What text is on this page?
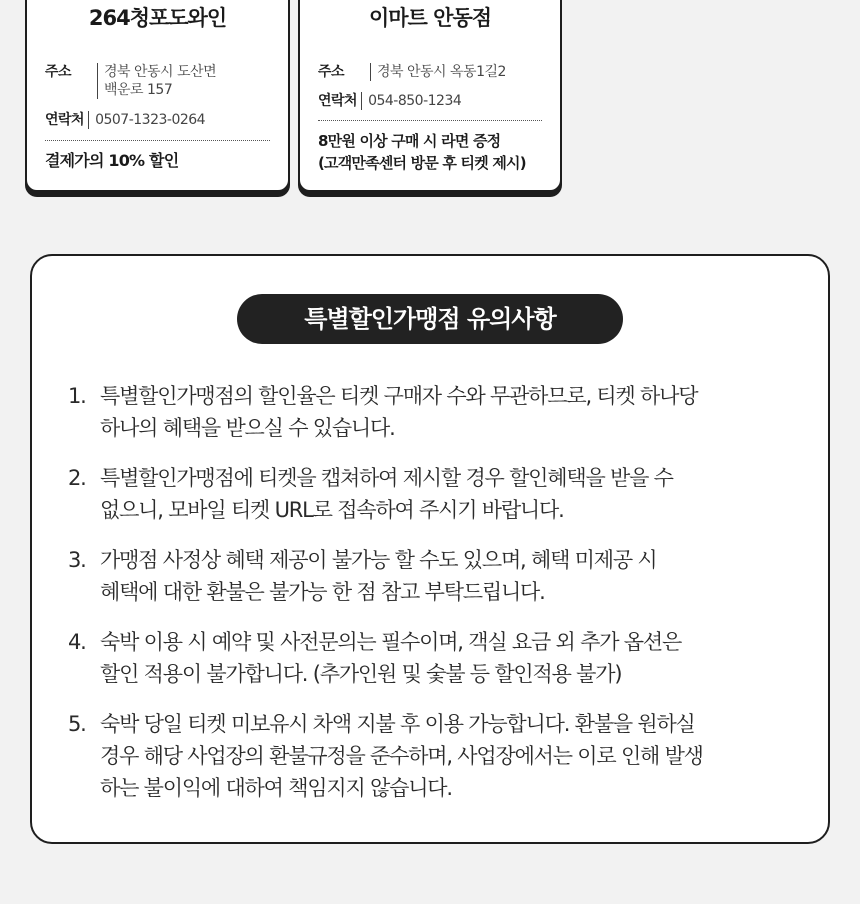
264청포도와인
주소	경북 안동시 도산면
백운로 157
연락처 0507-1323-0264
결제가의 10% 할인
이마트 안동점
주소	경북 안동시 옥동1길2
연락처 054-850-1234
8만원 이상 구매 시 라면 증정
(고객만족센터 방문 후 티켓 제시)
특별할인가맹점 유의사항
1. 특별할인가맹점의 할인율은 티켓 구매자 수와 무관하므로, 티켓 하나당
하나의 혜택을 받으실 수 있습니다.
2. 특별할인가맹점에 티켓을 캡쳐하여 제시할 경우 할인혜택을 받을 수
없으니, 모바일 티켓 URL로 접속하여 주시기 바랍니다.
3. 가맹점 사정상 혜택 제공이 불가능 할 수도 있으며, 혜택 미제공 시
혜택에 대한 환불은 불가능 한 점 참고 부탁드립니다.
4. 숙박 이용 시 예약 및 사전문의는 필수이며, 객실 요금 외 추가 옵션은
할인 적용이 불가합니다. (추가인원 및 숯불 등 할인적용 불가)
5. 숙박 당일 티켓 미보유시 차액 지불 후 이용 가능합니다. 환불을 원하실
경우 해당 사업장의 환불규정을 준수하며, 사업장에서는 이로 인해 발생
하는 불이익에 대하여 책임지지 않습니다.
